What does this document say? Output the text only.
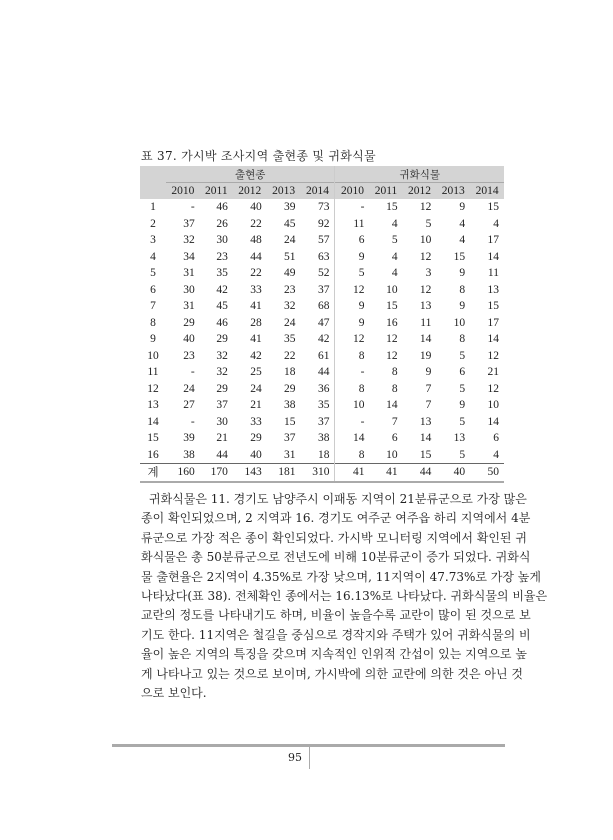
표 37. 가시박 조사지역 출현종 및 귀화식물
	출현종					귀화식물				
	2010	2011	2012	2013	2014	2010	2011	2012	2013	2014
1	-	46	40	39	73	-	15	12	9	15
2	37	26	22	45	92	11	4	5	4	4
3	32	30	48	24	57	6	5	10	4	17
4	34	23	44	51	63	9	4	12	15	14
5	31	35	22	49	52	5	4	3	9	11
6	30	42	33	23	37	12	10	12	8	13
7	31	45	41	32	68	9	15	13	9	15
8	29	46	28	24	47	9	16	11	10	17
9	40	29	41	35	42	12	12	14	8	14
10	23	32	42	22	61	8	12	19	5	12
11	-	32	25	18	44	-	8	9	6	21
12	24	29	24	29	36	8	8	7	5	12
13	27	37	21	38	35	10	14	7	9	10
14	-	30	33	15	37	-	7	13	5	14
15	39	21	29	37	38	14	6	14	13	6
16	38	44	40	31	18	8	10	15	5	4
계	160	170	143	181	310	41	41	44	40	50
귀화식물은 11. 경기도 남양주시 이패동 지역이 21분류군으로 가장 많은
종이 확인되었으며, 2 지역과 16. 경기도 여주군 여주읍 하리 지역에서 4분
류군으로 가장 적은 종이 확인되었다. 가시박 모니터링 지역에서 확인된 귀
화식물은 총 50분류군으로 전년도에 비해 10분류군이 증가 되었다. 귀화식
물 출현율은 2지역이 4.35%로 가장 낮으며, 11지역이 47.73%로 가장 높게
나타났다(표 38). 전체확인 종에서는 16.13%로 나타났다. 귀화식물의 비율은
교란의 정도를 나타내기도 하며, 비율이 높을수록 교란이 많이 된 것으로 보
기도 한다. 11지역은 철길을 중심으로 경작지와 주택가 있어 귀화식물의 비
율이 높은 지역의 특징을 갖으며 지속적인 인위적 간섭이 있는 지역으로 높
게 나타나고 있는 것으로 보이며, 가시박에 의한 교란에 의한 것은 아닌 것
으로 보인다.
95
